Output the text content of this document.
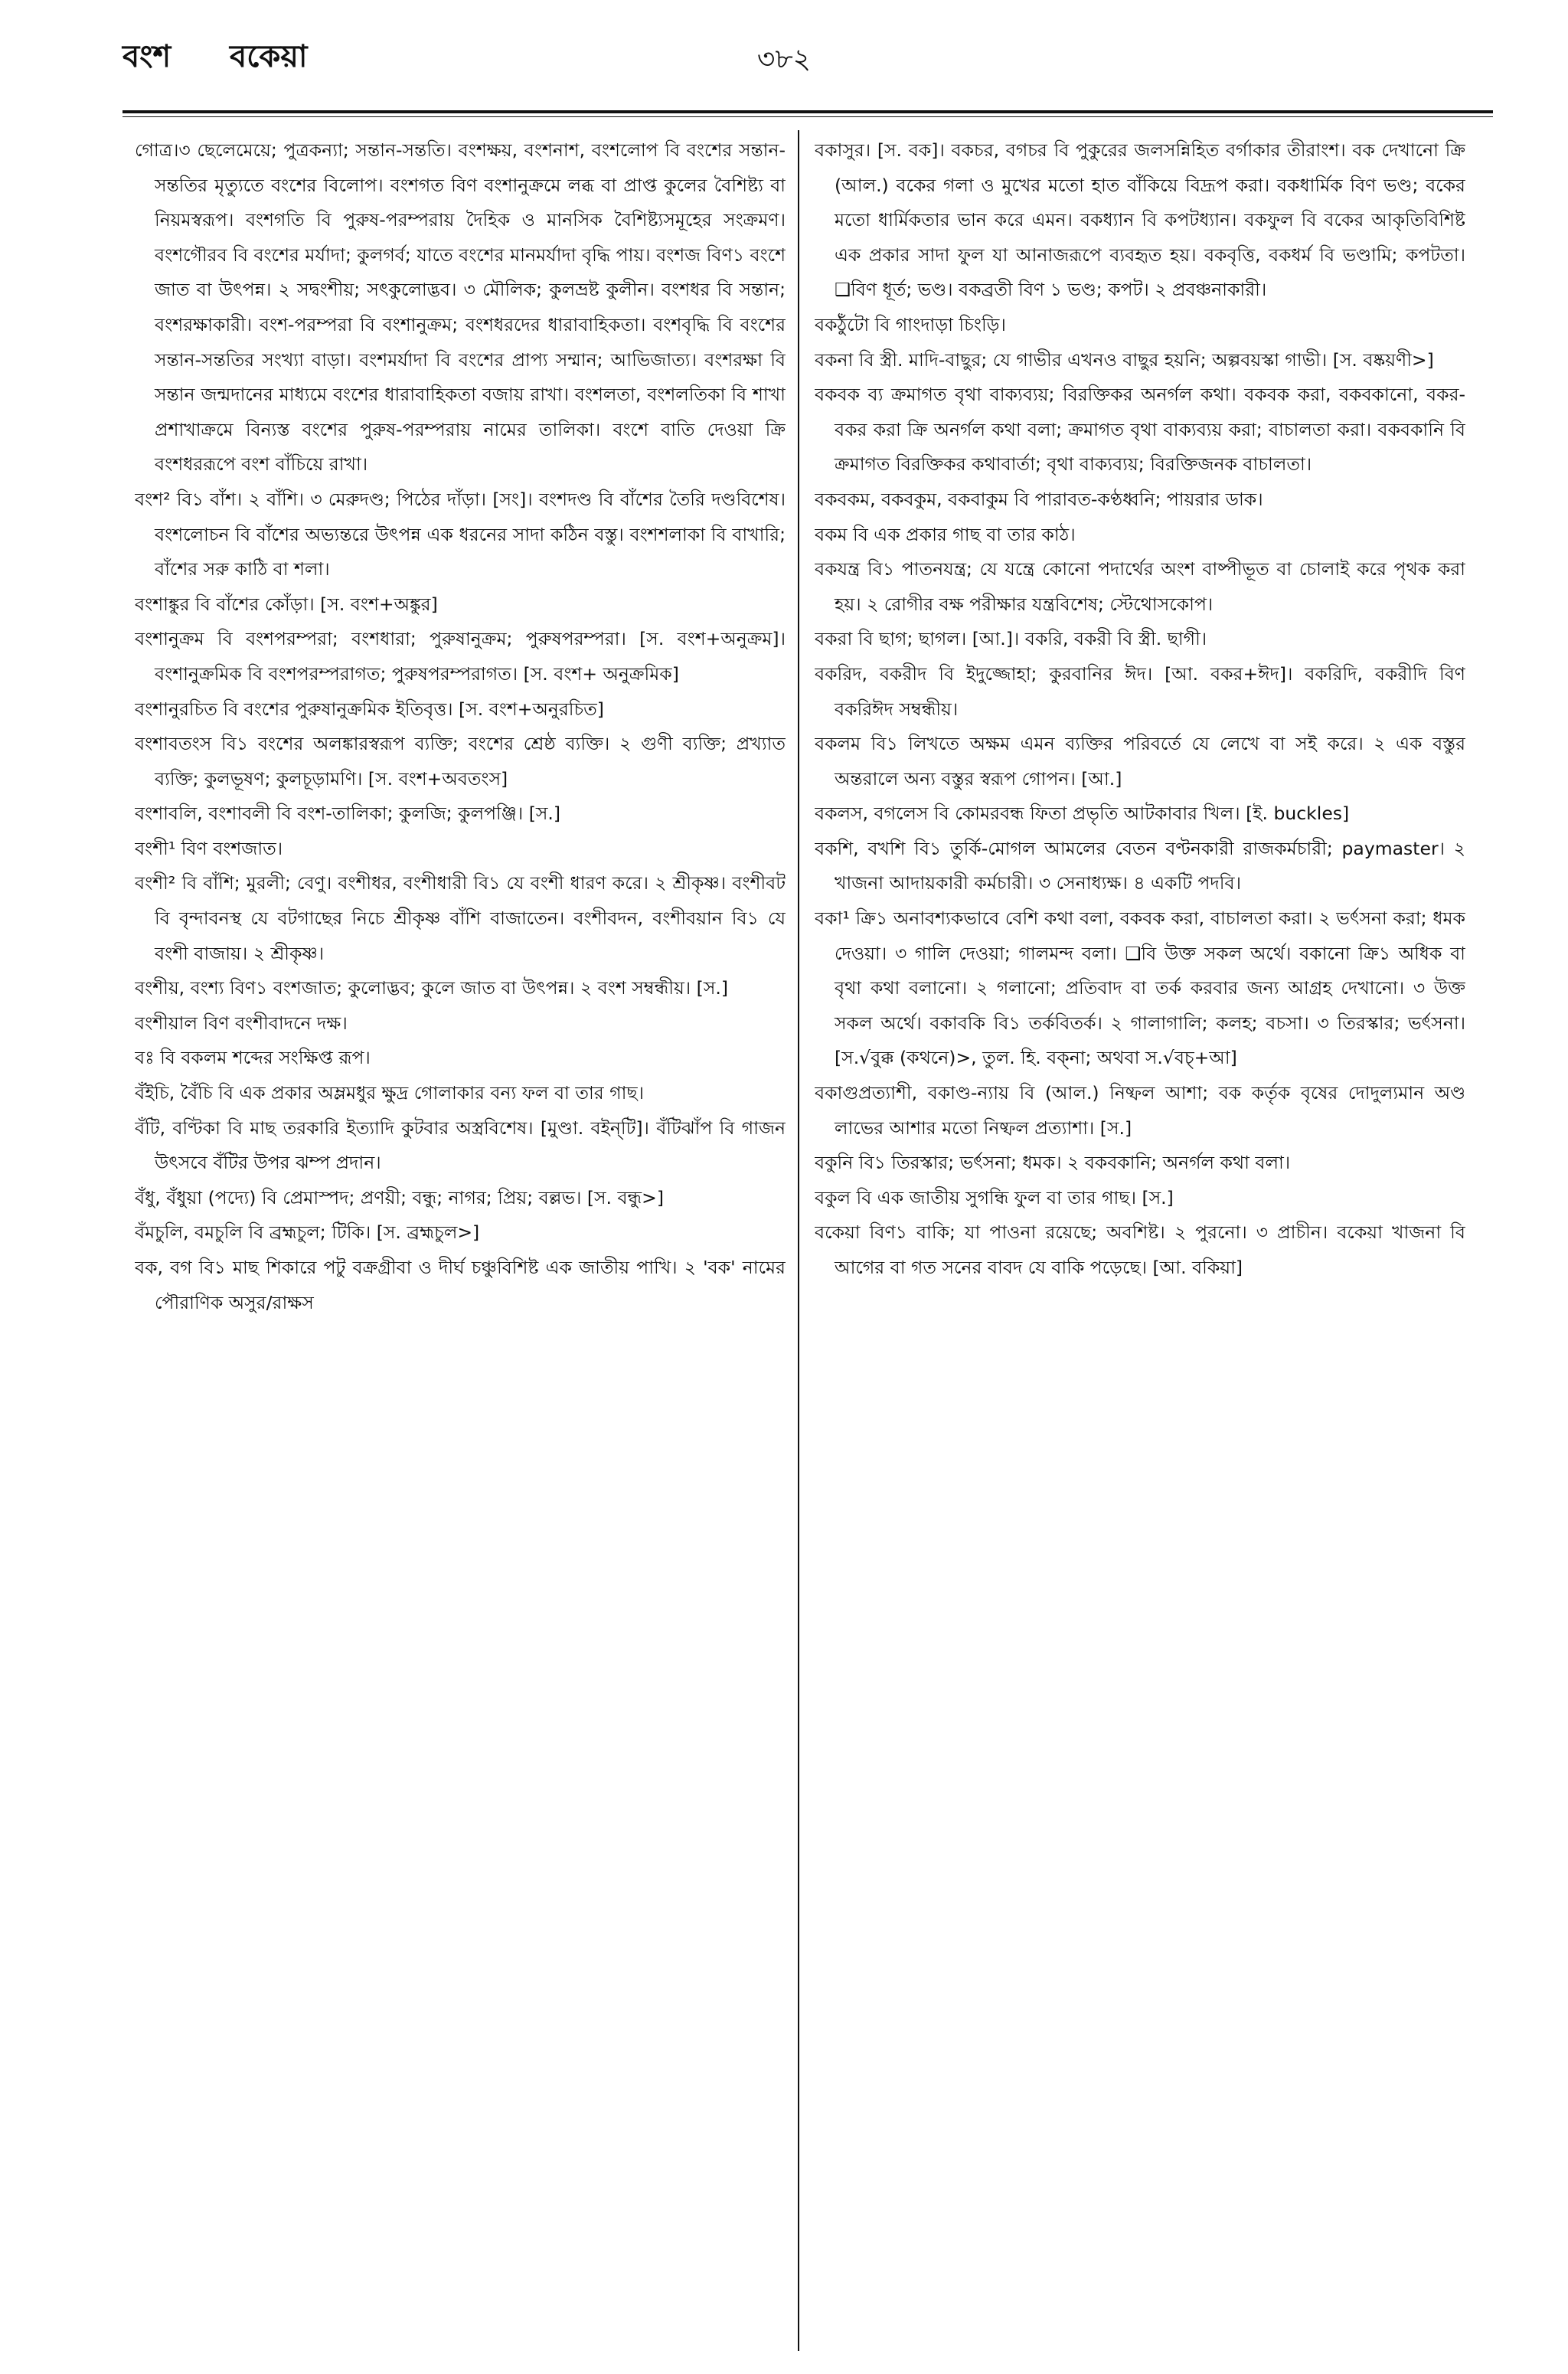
বংশ বকেয়া	৩৮২

গোত্র।৩ ছেলেমেয়ে; পুত্রকন্যা; সন্তান-সন্ততি। বংশক্ষয়, বংশনাশ, বংশলোপ বি বংশের সন্তান-সন্ততির মৃত্যুতে বংশের বিলোপ। বংশগত বিণ বংশানুক্রমে লব্ধ বা প্রাপ্ত কুলের বৈশিষ্ট্য বা নিয়মস্বরূপ। বংশগতি বি পুরুষ-পরম্পরায় দৈহিক ও মানসিক বৈশিষ্ট্যসমূহের সংক্রমণ। বংশগৌরব বি বংশের মর্যাদা; কুলগর্ব; যাতে বংশের মানমর্যাদা বৃদ্ধি পায়। বংশজ বিণ১ বংশে জাত বা উৎপন্ন। ২ সদ্বংশীয়; সৎকুলোদ্ভব। ৩ মৌলিক; কুলভ্রষ্ট কুলীন। বংশধর বি সন্তান; বংশরক্ষাকারী। বংশ-পরম্পরা বি বংশানুক্রম; বংশধরদের ধারাবাহিকতা। বংশবৃদ্ধি বি বংশের সন্তান-সন্ততির সংখ্যা বাড়া। বংশমর্যাদা বি বংশের প্রাপ্য সম্মান; আভিজাত্য। বংশরক্ষা বি সন্তান জন্মদানের মাধ্যমে বংশের ধারাবাহিকতা বজায় রাখা। বংশলতা, বংশলতিকা বি শাখা প্রশাখাক্রমে বিন্যস্ত বংশের পুরুষ-পরম্পরায় নামের তালিকা। বংশে বাতি দেওয়া ক্রি বংশধররূপে বংশ বাঁচিয়ে রাখা।

বংশ² বি১ বাঁশ। ২ বাঁশি। ৩ মেরুদণ্ড; পিঠের দাঁড়া। [সং]। বংশদণ্ড বি বাঁশের তৈরি দণ্ডবিশেষ। বংশলোচন বি বাঁশের অভ্যন্তরে উৎপন্ন এক ধরনের সাদা কঠিন বস্তু। বংশশলাকা বি বাখারি; বাঁশের সরু কাঠি বা শলা।

বংশাঙ্কুর বি বাঁশের কোঁড়া। [স. বংশ+অঙ্কুর]

বংশানুক্রম বি বংশপরম্পরা; বংশধারা; পুরুষানুক্রম; পুরুষপরম্পরা। [স. বংশ+অনুক্রম]। বংশানুক্রমিক বি বংশপরম্পরাগত; পুরুষপরম্পরাগত। [স. বংশ+ অনুক্রমিক]

বংশানুরচিত বি বংশের পুরুষানুক্রমিক ইতিবৃত্ত। [স. বংশ+অনুরচিত]

বংশাবতংস বি১ বংশের অলঙ্কারস্বরূপ ব্যক্তি; বংশের শ্রেষ্ঠ ব্যক্তি। ২ গুণী ব্যক্তি; প্রখ্যাত ব্যক্তি; কুলভূষণ; কুলচূড়ামণি। [স. বংশ+অবতংস]

বংশাবলি, বংশাবলী বি বংশ-তালিকা; কুলজি; কুলপঞ্জি। [স.]

বংশী¹ বিণ বংশজাত।

বংশী² বি বাঁশি; মুরলী; বেণু। বংশীধর, বংশীধারী বি১ যে বংশী ধারণ করে। ২ শ্রীকৃষ্ণ। বংশীবট বি বৃন্দাবনস্থ যে বটগাছের নিচে শ্রীকৃষ্ণ বাঁশি বাজাতেন। বংশীবদন, বংশীবয়ান বি১ যে বংশী বাজায়। ২ শ্রীকৃষ্ণ।

বংশীয়, বংশ্য বিণ১ বংশজাত; কুলোদ্ভব; কুলে জাত বা উৎপন্ন। ২ বংশ সম্বন্ধীয়। [স.]

বংশীয়াল বিণ বংশীবাদনে দক্ষ।

বঃ বি বকলম শব্দের সংক্ষিপ্ত রূপ।

বঁইচি, বৈঁচি বি এক প্রকার অম্লমধুর ক্ষুদ্র গোলাকার বন্য ফল বা তার গাছ।

বঁটি, বণ্টিকা বি মাছ তরকারি ইত্যাদি কুটবার অস্ত্রবিশেষ। [মুণ্ডা. বইন্‌টি]। বঁটিঝাঁপ বি গাজন উৎসবে বঁটির উপর ঝম্প প্রদান।

বঁধু, বঁধুয়া (পদ্যে) বি প্রেমাস্পদ; প্রণয়ী; বন্ধু; নাগর; প্রিয়; বল্লভ। [স. বন্ধু>]

বঁমচুলি, বমচুলি বি ব্রহ্মচুল; টিকি। [স. ব্রহ্মচুল>]

বক, বগ বি১ মাছ শিকারে পটু বক্রগ্রীবা ও দীর্ঘ চঞ্চুবিশিষ্ট এক জাতীয় পাখি। ২ 'বক' নামের পৌরাণিক অসুর/রাক্ষস

বকাসুর। [স. বক]। বকচর, বগচর বি পুকুরের জলসন্নিহিত বর্গাকার তীরাংশ। বক দেখানো ক্রি (আল.) বকের গলা ও মুখের মতো হাত বাঁকিয়ে বিদ্রূপ করা। বকধার্মিক বিণ ভণ্ড; বকের মতো ধার্মিকতার ভান করে এমন। বকধ্যান বি কপটধ্যান। বকফুল বি বকের আকৃতিবিশিষ্ট এক প্রকার সাদা ফুল যা আনাজরূপে ব্যবহৃত হয়। বকবৃত্তি, বকধর্ম বি ভণ্ডামি; কপটতা। ❑বিণ ধূর্ত; ভণ্ড। বকব্রতী বিণ ১ ভণ্ড; কপট। ২ প্রবঞ্চনাকারী।

বকঠুঁটো বি গাংদাড়া চিংড়ি।

বকনা বি স্ত্রী. মাদি-বাছুর; যে গাভীর এখনও বাছুর হয়নি; অল্পবয়স্কা গাভী। [স. বষ্কয়ণী>]

বকবক ব্য ক্রমাগত বৃথা বাক্যব্যয়; বিরক্তিকর অনর্গল কথা। বকবক করা, বকবকানো, বকর-বকর করা ক্রি অনর্গল কথা বলা; ক্রমাগত বৃথা বাক্যব্যয় করা; বাচালতা করা। বকবকানি বি ক্রমাগত বিরক্তিকর কথাবার্তা; বৃথা বাক্যব্যয়; বিরক্তিজনক বাচালতা।

বকবকম, বকবকুম, বকবাকুম বি পারাবত-কণ্ঠধ্বনি; পায়রার ডাক।

বকম বি এক প্রকার গাছ বা তার কাঠ।

বকযন্ত্র বি১ পাতনযন্ত্র; যে যন্ত্রে কোনো পদার্থের অংশ বাষ্পীভূত বা চোলাই করে পৃথক করা হয়। ২ রোগীর বক্ষ পরীক্ষার যন্ত্রবিশেষ; স্টেথোসকোপ।

বকরা বি ছাগ; ছাগল। [আ.]। বকরি, বকরী বি স্ত্রী. ছাগী।

বকরিদ, বকরীদ বি ইদুজ্জোহা; কুরবানির ঈদ। [আ. বকর+ঈদ]। বকরিদি, বকরীদি বিণ বকরিঈদ সম্বন্ধীয়।

বকলম বি১ লিখতে অক্ষম এমন ব্যক্তির পরিবর্তে যে লেখে বা সই করে। ২ এক বস্তুর অন্তরালে অন্য বস্তুর স্বরূপ গোপন। [আ.]

বকলস, বগলেস বি কোমরবন্ধ ফিতা প্রভৃতি আটকাবার খিল। [ই. buckles]

বকশি, বখশি বি১ তুর্কি-মোগল আমলের বেতন বণ্টনকারী রাজকর্মচারী; paymaster। ২ খাজনা আদায়কারী কর্মচারী। ৩ সেনাধ্যক্ষ। ৪ একটি পদবি।

বকা¹ ক্রি১ অনাবশ্যকভাবে বেশি কথা বলা, বকবক করা, বাচালতা করা। ২ ভর্ৎসনা করা; ধমক দেওয়া। ৩ গালি দেওয়া; গালমন্দ বলা। ❑বি উক্ত সকল অর্থে। বকানো ক্রি১ অধিক বা বৃথা কথা বলানো। ২ গলানো; প্রতিবাদ বা তর্ক করবার জন্য আগ্রহ দেখানো। ৩ উক্ত সকল অর্থে। বকাবকি বি১ তর্কবিতর্ক। ২ গালাগালি; কলহ; বচসা। ৩ তিরস্কার; ভর্ৎসনা। [স.√বুক্ক (কথনে)>, তুল. হি. বক্‌না; অথবা স.√বচ্+আ]

বকাগুপ্রত্যাশী, বকাণ্ড-ন্যায় বি (আল.) নিষ্ফল আশা; বক কর্তৃক বৃষের দোদুল্যমান অণ্ড লাভের আশার মতো নিষ্ফল প্রত্যাশা। [স.]

বকুনি বি১ তিরস্কার; ভর্ৎসনা; ধমক। ২ বকবকানি; অনর্গল কথা বলা।

বকুল বি এক জাতীয় সুগন্ধি ফুল বা তার গাছ। [স.]

বকেয়া বিণ১ বাকি; যা পাওনা রয়েছে; অবশিষ্ট। ২ পুরনো। ৩ প্রাচীন। বকেয়া খাজনা বি আগের বা গত সনের বাবদ যে বাকি পড়েছে। [আ. বকিয়া]
